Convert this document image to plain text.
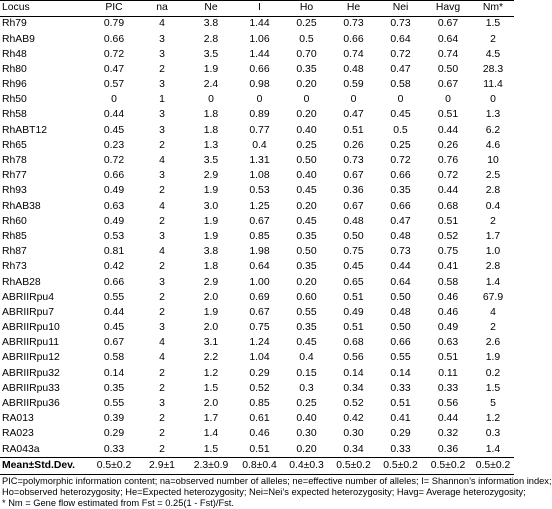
Locus	PIC	na	Ne	I	Ho	He	Nei	Havg	Nm*
Rh79	0.79	4	3.8	1.44	0.25	0.73	0.73	0.67	1.5
RhAB9	0.66	3	2.8	1.06	0.5	0.66	0.64	0.64	2
Rh48	0.72	3	3.5	1.44	0.70	0.74	0.72	0.74	4.5
Rh80	0.47	2	1.9	0.66	0.35	0.48	0.47	0.50	28.3
Rh96	0.57	3	2.4	0.98	0.20	0.59	0.58	0.67	11.4
Rh50	0	1	0	0	0	0	0	0	0
Rh58	0.44	3	1.8	0.89	0.20	0.47	0.45	0.51	1.3
RhABT12	0.45	3	1.8	0.77	0.40	0.51	0.5	0.44	6.2
Rh65	0.23	2	1.3	0.4	0.25	0.26	0.25	0.26	4.6
Rh78	0.72	4	3.5	1.31	0.50	0.73	0.72	0.76	10
Rh77	0.66	3	2.9	1.08	0.40	0.67	0.66	0.72	2.5
Rh93	0.49	2	1.9	0.53	0.45	0.36	0.35	0.44	2.8
RhAB38	0.63	4	3.0	1.25	0.20	0.67	0.66	0.68	0.4
Rh60	0.49	2	1.9	0.67	0.45	0.48	0.47	0.51	2
Rh85	0.53	3	1.9	0.85	0.35	0.50	0.48	0.52	1.7
Rh87	0.81	4	3.8	1.98	0.50	0.75	0.73	0.75	1.0
Rh73	0.42	2	1.8	0.64	0.35	0.45	0.44	0.41	2.8
RhAB28	0.66	3	2.9	1.00	0.20	0.65	0.64	0.58	1.4
ABRIIRpu4	0.55	2	2.0	0.69	0.60	0.51	0.50	0.46	67.9
ABRIIRpu7	0.44	2	1.9	0.67	0.55	0.49	0.48	0.46	4
ABRIIRpu10	0.45	3	2.0	0.75	0.35	0.51	0.50	0.49	2
ABRIIRpu11	0.67	4	3.1	1.24	0.45	0.68	0.66	0.63	2.6
ABRIIRpu12	0.58	4	2.2	1.04	0.4	0.56	0.55	0.51	1.9
ABRIIRpu32	0.14	2	1.2	0.29	0.15	0.14	0.14	0.11	0.2
ABRIIRpu33	0.35	2	1.5	0.52	0.3	0.34	0.33	0.33	1.5
ABRIIRpu36	0.55	3	2.0	0.85	0.25	0.52	0.51	0.56	5
RA013	0.39	2	1.7	0.61	0.40	0.42	0.41	0.44	1.2
RA023	0.29	2	1.4	0.46	0.30	0.30	0.29	0.32	0.3
RA043a	0.33	2	1.5	0.51	0.20	0.34	0.33	0.36	1.4
Mean±Std.Dev.	0.5±0.2	2.9±1	2.3±0.9	0.8±0.4	0.4±0.3	0.5±0.2	0.5±0.2	0.5±0.2	0.5±0.2
PIC=polymorphic information content; na=observed number of alleles; ne=effective number of alleles; I= Shannon’s information index;
Ho=observed heterozygosity; He=Expected heterozygosity; Nei=Nei’s expected heterozygosity; Havg= Average heterozygosity;
* Nm = Gene flow estimated from Fst = 0.25(1 - Fst)/Fst.
